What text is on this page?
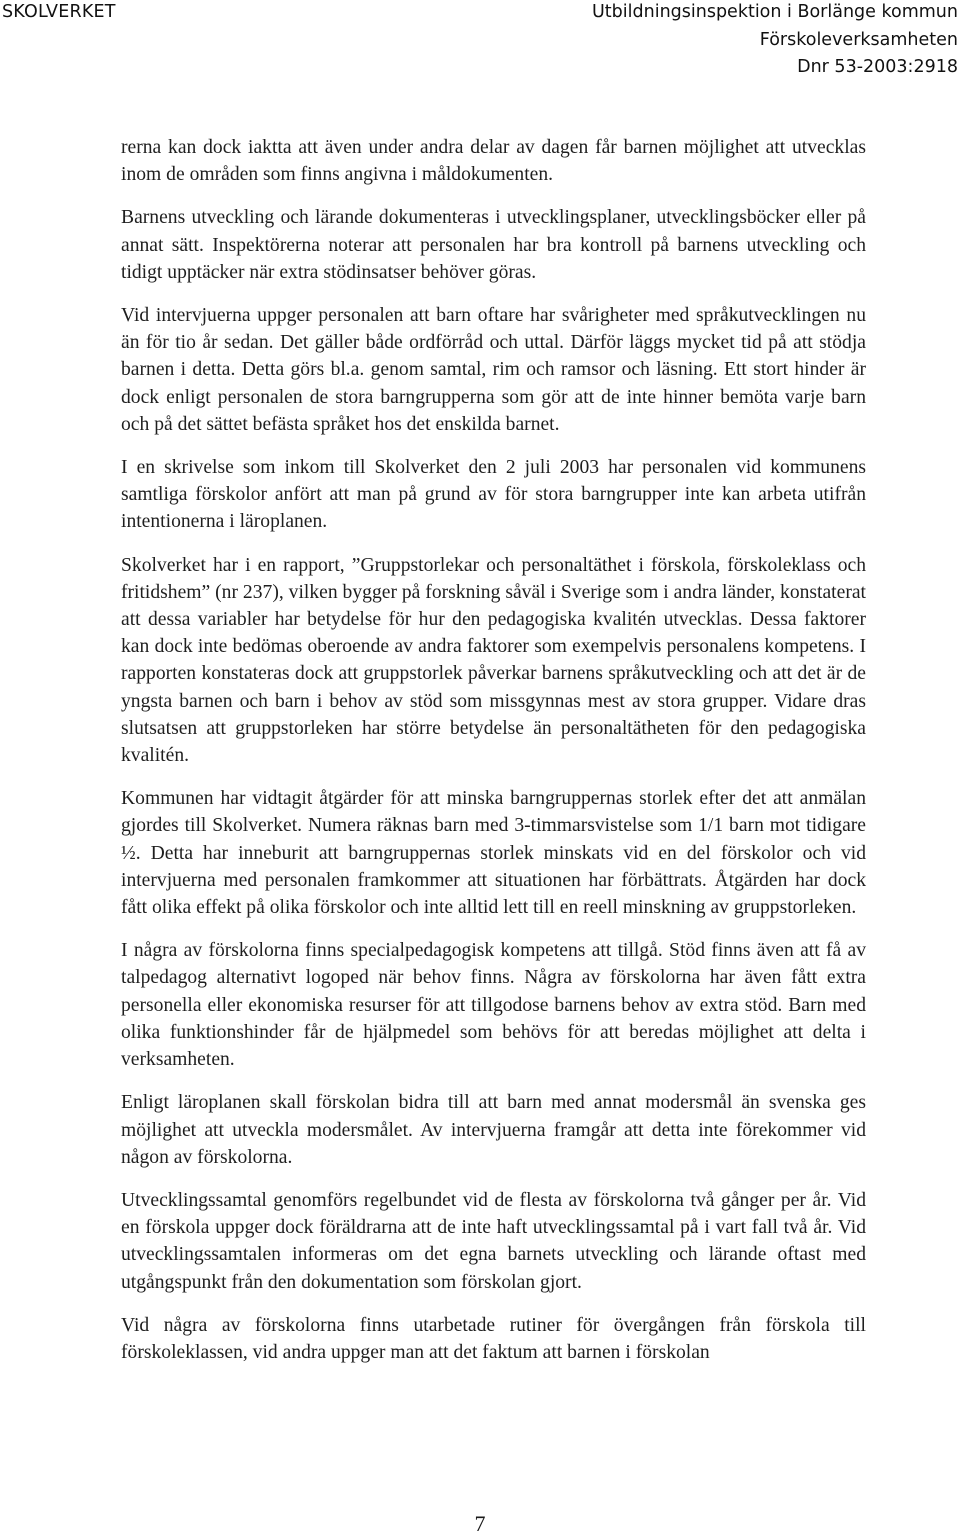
SKOLVERKET	Utbildningsinspektion i Borlänge kommun
Förskoleverksamheten
Dnr 53-2003:2918

rerna kan dock iaktta att även under andra delar av dagen får barnen möjlighet att utvecklas inom de områden som finns angivna i måldokumenten.

Barnens utveckling och lärande dokumenteras i utvecklingsplaner, utvecklingsböcker eller på annat sätt. Inspektörerna noterar att personalen har bra kontroll på barnens utveckling och tidigt upptäcker när extra stödinsatser behöver göras.

Vid intervjuerna uppger personalen att barn oftare har svårigheter med språkutvecklingen nu än för tio år sedan. Det gäller både ordförråd och uttal. Därför läggs mycket tid på att stödja barnen i detta. Detta görs bl.a. genom samtal, rim och ramsor och läsning. Ett stort hinder är dock enligt personalen de stora barngrupperna som gör att de inte hinner bemöta varje barn och på det sättet befästa språket hos det enskilda barnet.

I en skrivelse som inkom till Skolverket den 2 juli 2003 har personalen vid kommunens samtliga förskolor anfört att man på grund av för stora barngrupper inte kan arbeta utifrån intentionerna i läroplanen.

Skolverket har i en rapport, ”Gruppstorlekar och personaltäthet i förskola, förskoleklass och fritidshem” (nr 237), vilken bygger på forskning såväl i Sverige som i andra länder, konstaterat att dessa variabler har betydelse för hur den pedagogiska kvalitén utvecklas. Dessa faktorer kan dock inte bedömas oberoende av andra faktorer som exempelvis personalens kompetens. I rapporten konstateras dock att gruppstorlek påverkar barnens språkutveckling och att det är de yngsta barnen och barn i behov av stöd som missgynnas mest av stora grupper. Vidare dras slutsatsen att gruppstorleken har större betydelse än personaltätheten för den pedagogiska kvalitén.

Kommunen har vidtagit åtgärder för att minska barngruppernas storlek efter det att anmälan gjordes till Skolverket. Numera räknas barn med 3-timmarsvistelse som 1/1 barn mot tidigare ½. Detta har inneburit att barngruppernas storlek minskats vid en del förskolor och vid intervjuerna med personalen framkommer att situationen har förbättrats. Åtgärden har dock fått olika effekt på olika förskolor och inte alltid lett till en reell minskning av gruppstorleken.

I några av förskolorna finns specialpedagogisk kompetens att tillgå. Stöd finns även att få av talpedagog alternativt logoped när behov finns. Några av förskolorna har även fått extra personella eller ekonomiska resurser för att tillgodose barnens behov av extra stöd. Barn med olika funktionshinder får de hjälpmedel som behövs för att beredas möjlighet att delta i verksamheten.

Enligt läroplanen skall förskolan bidra till att barn med annat modersmål än svenska ges möjlighet att utveckla modersmålet. Av intervjuerna framgår att detta inte förekommer vid någon av förskolorna.

Utvecklingssamtal genomförs regelbundet vid de flesta av förskolorna två gånger per år. Vid en förskola uppger dock föräldrarna att de inte haft utvecklingssamtal på i vart fall två år. Vid utvecklingssamtalen informeras om det egna barnets utveckling och lärande oftast med utgångspunkt från den dokumentation som förskolan gjort.

Vid några av förskolorna finns utarbetade rutiner för övergången från förskola till förskoleklassen, vid andra uppger man att det faktum att barnen i förskolan

7
